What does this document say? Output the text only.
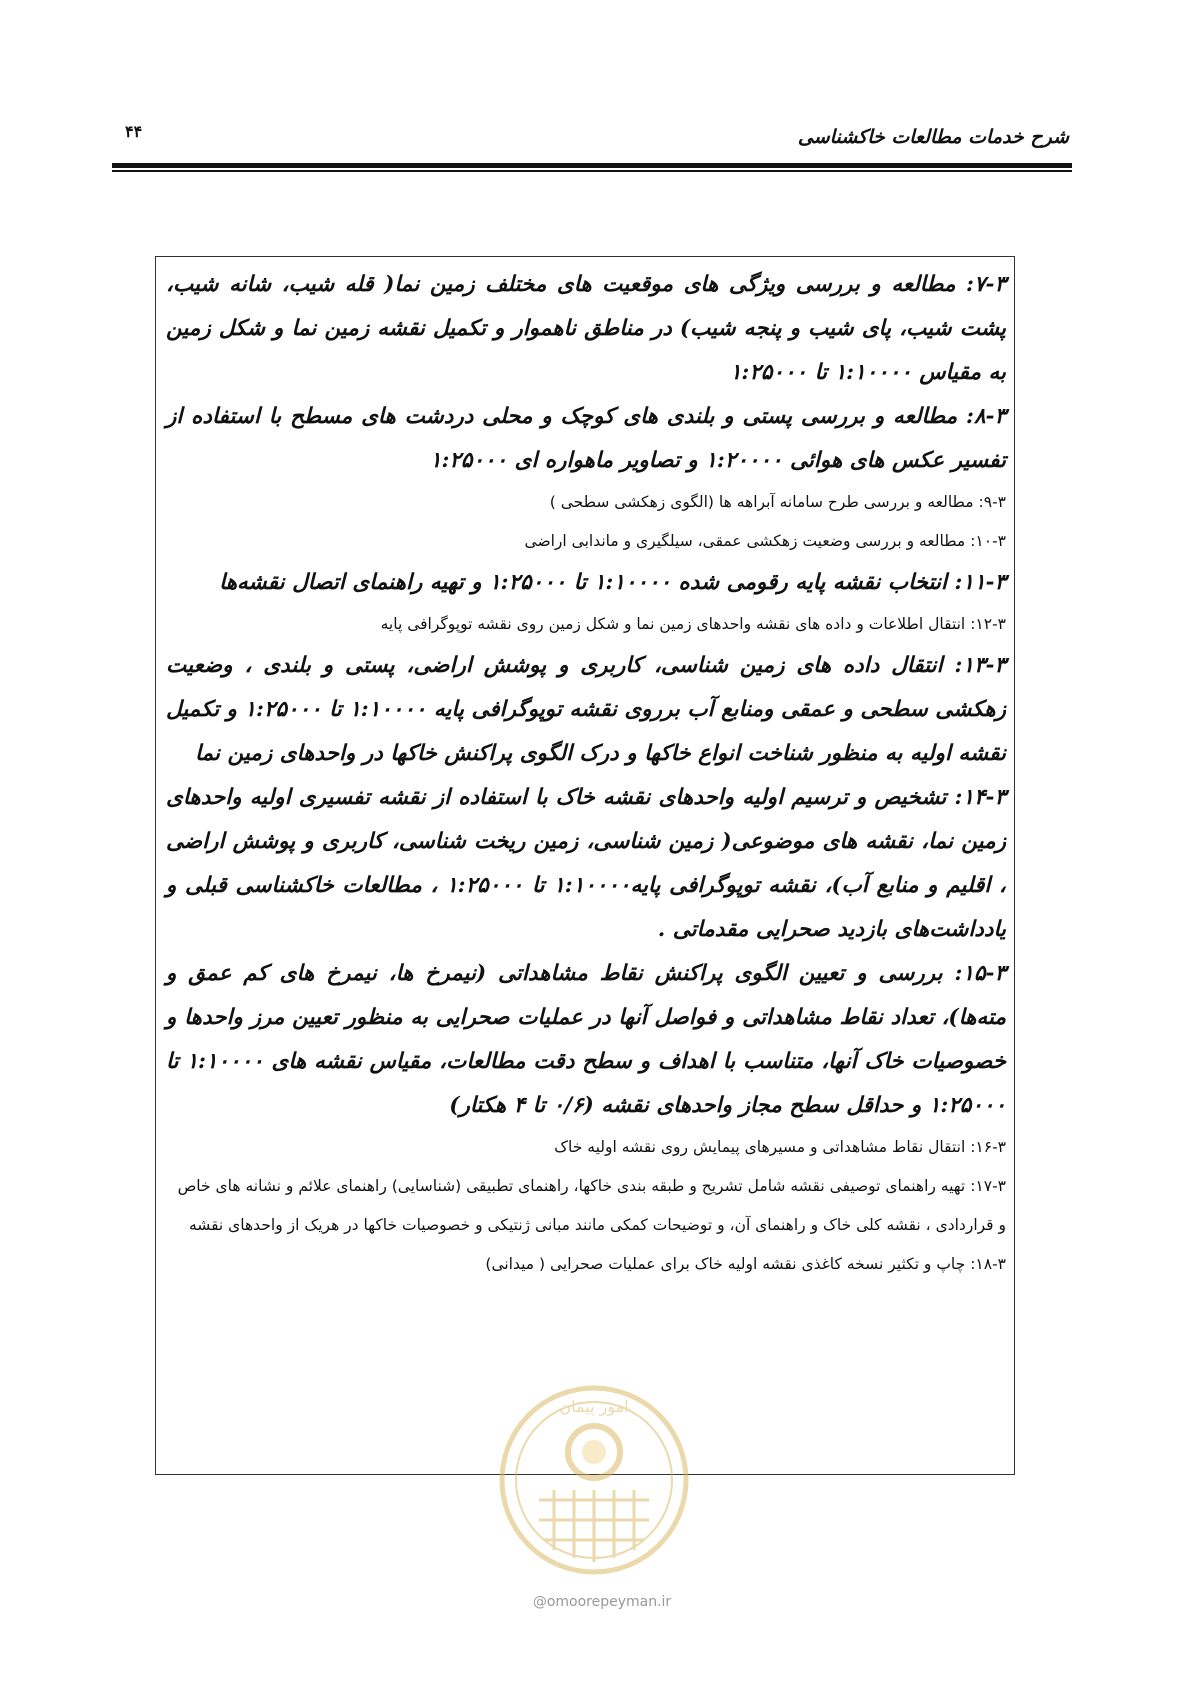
شرح خدمات مطالعات خاکشناسی
۴۴
۷-۳: مطالعه و بررسی ویژگی های موقعیت های مختلف زمین نما( قله شیب، شانه شیب، پشت شیب، پای شیب و پنجه شیب) در مناطق ناهموار و تکمیل نقشه زمین نما و شکل زمین به مقیاس ۱:۱۰۰۰۰ تا ۱:۲۵۰۰۰
۸-۳: مطالعه و بررسی پستی و بلندی های کوچک و محلی دردشت های مسطح با استفاده از تفسیر عکس های هوائی ۱:۲۰۰۰۰ و تصاویر ماهواره ای ۱:۲۵۰۰۰
۹-۳: مطالعه و بررسی طرح سامانه آبراهه ها (الگوی زهکشی سطحی )
۱۰-۳: مطالعه و بررسی وضعیت زهکشی عمقی، سیلگیری و ماندابی اراضی
۱۱-۳: انتخاب نقشه پایه رقومی شده ۱:۱۰۰۰۰ تا ۱:۲۵۰۰۰ و تهیه راهنمای اتصال نقشه‌ها
۱۲-۳: انتقال اطلاعات و داده های نقشه واحدهای زمین نما و شکل زمین روی نقشه توپوگرافی پایه
۱۳-۳: انتقال داده های زمین شناسی، کاربری و پوشش اراضی، پستی و بلندی ، وضعیت زهکشی سطحی و عمقی ومنابع آب برروی نقشه توپوگرافی پایه ۱:۱۰۰۰۰ تا ۱:۲۵۰۰۰ و تکمیل نقشه اولیه به منظور شناخت انواع خاکها و درک الگوی پراکنش خاکها در واحدهای زمین نما
۱۴-۳: تشخیص و ترسیم اولیه واحدهای نقشه خاک با استفاده از نقشه تفسیری اولیه واحدهای زمین نما، نقشه های موضوعی( زمین شناسی، زمین ریخت شناسی، کاربری و پوشش اراضی ، اقلیم و منابع آب)، نقشه توپوگرافی پایه۱:۱۰۰۰۰ تا ۱:۲۵۰۰۰ ، مطالعات خاکشناسی قبلی و یادداشت‌های بازدید صحرایی مقدماتی .
۱۵-۳: بررسی و تعیین الگوی پراکنش نقاط مشاهداتی (نیمرخ ها، نیمرخ های کم عمق و مته‌ها)، تعداد نقاط مشاهداتی و فواصل آنها در عملیات صحرایی به منظور تعیین مرز واحدها و خصوصیات خاک آنها، متناسب با اهداف و سطح دقت مطالعات، مقیاس نقشه های ۱:۱۰۰۰۰ تا ۱:۲۵۰۰۰ و حداقل سطح مجاز واحدهای نقشه (۰/۶ تا ۴ هکتار)
۱۶-۳: انتقال نقاط مشاهداتی و مسیرهای پیمایش روی نقشه اولیه خاک
۱۷-۳: تهیه راهنمای توصیفی نقشه شامل تشریح و طبقه بندی خاکها، راهنمای تطبیقی (شناسایی) راهنمای علائم و نشانه های خاص و قراردادی ، نقشه کلی خاک و راهنمای آن، و توضیحات کمکی مانند مبانی ژنتیکی و خصوصیات خاکها در هریک از واحدهای نقشه
۱۸-۳: چاپ و تکثیر نسخه کاغذی نقشه اولیه خاک برای عملیات صحرایی ( میدانی)
امور پیمان
@omoorepeyman.ir
